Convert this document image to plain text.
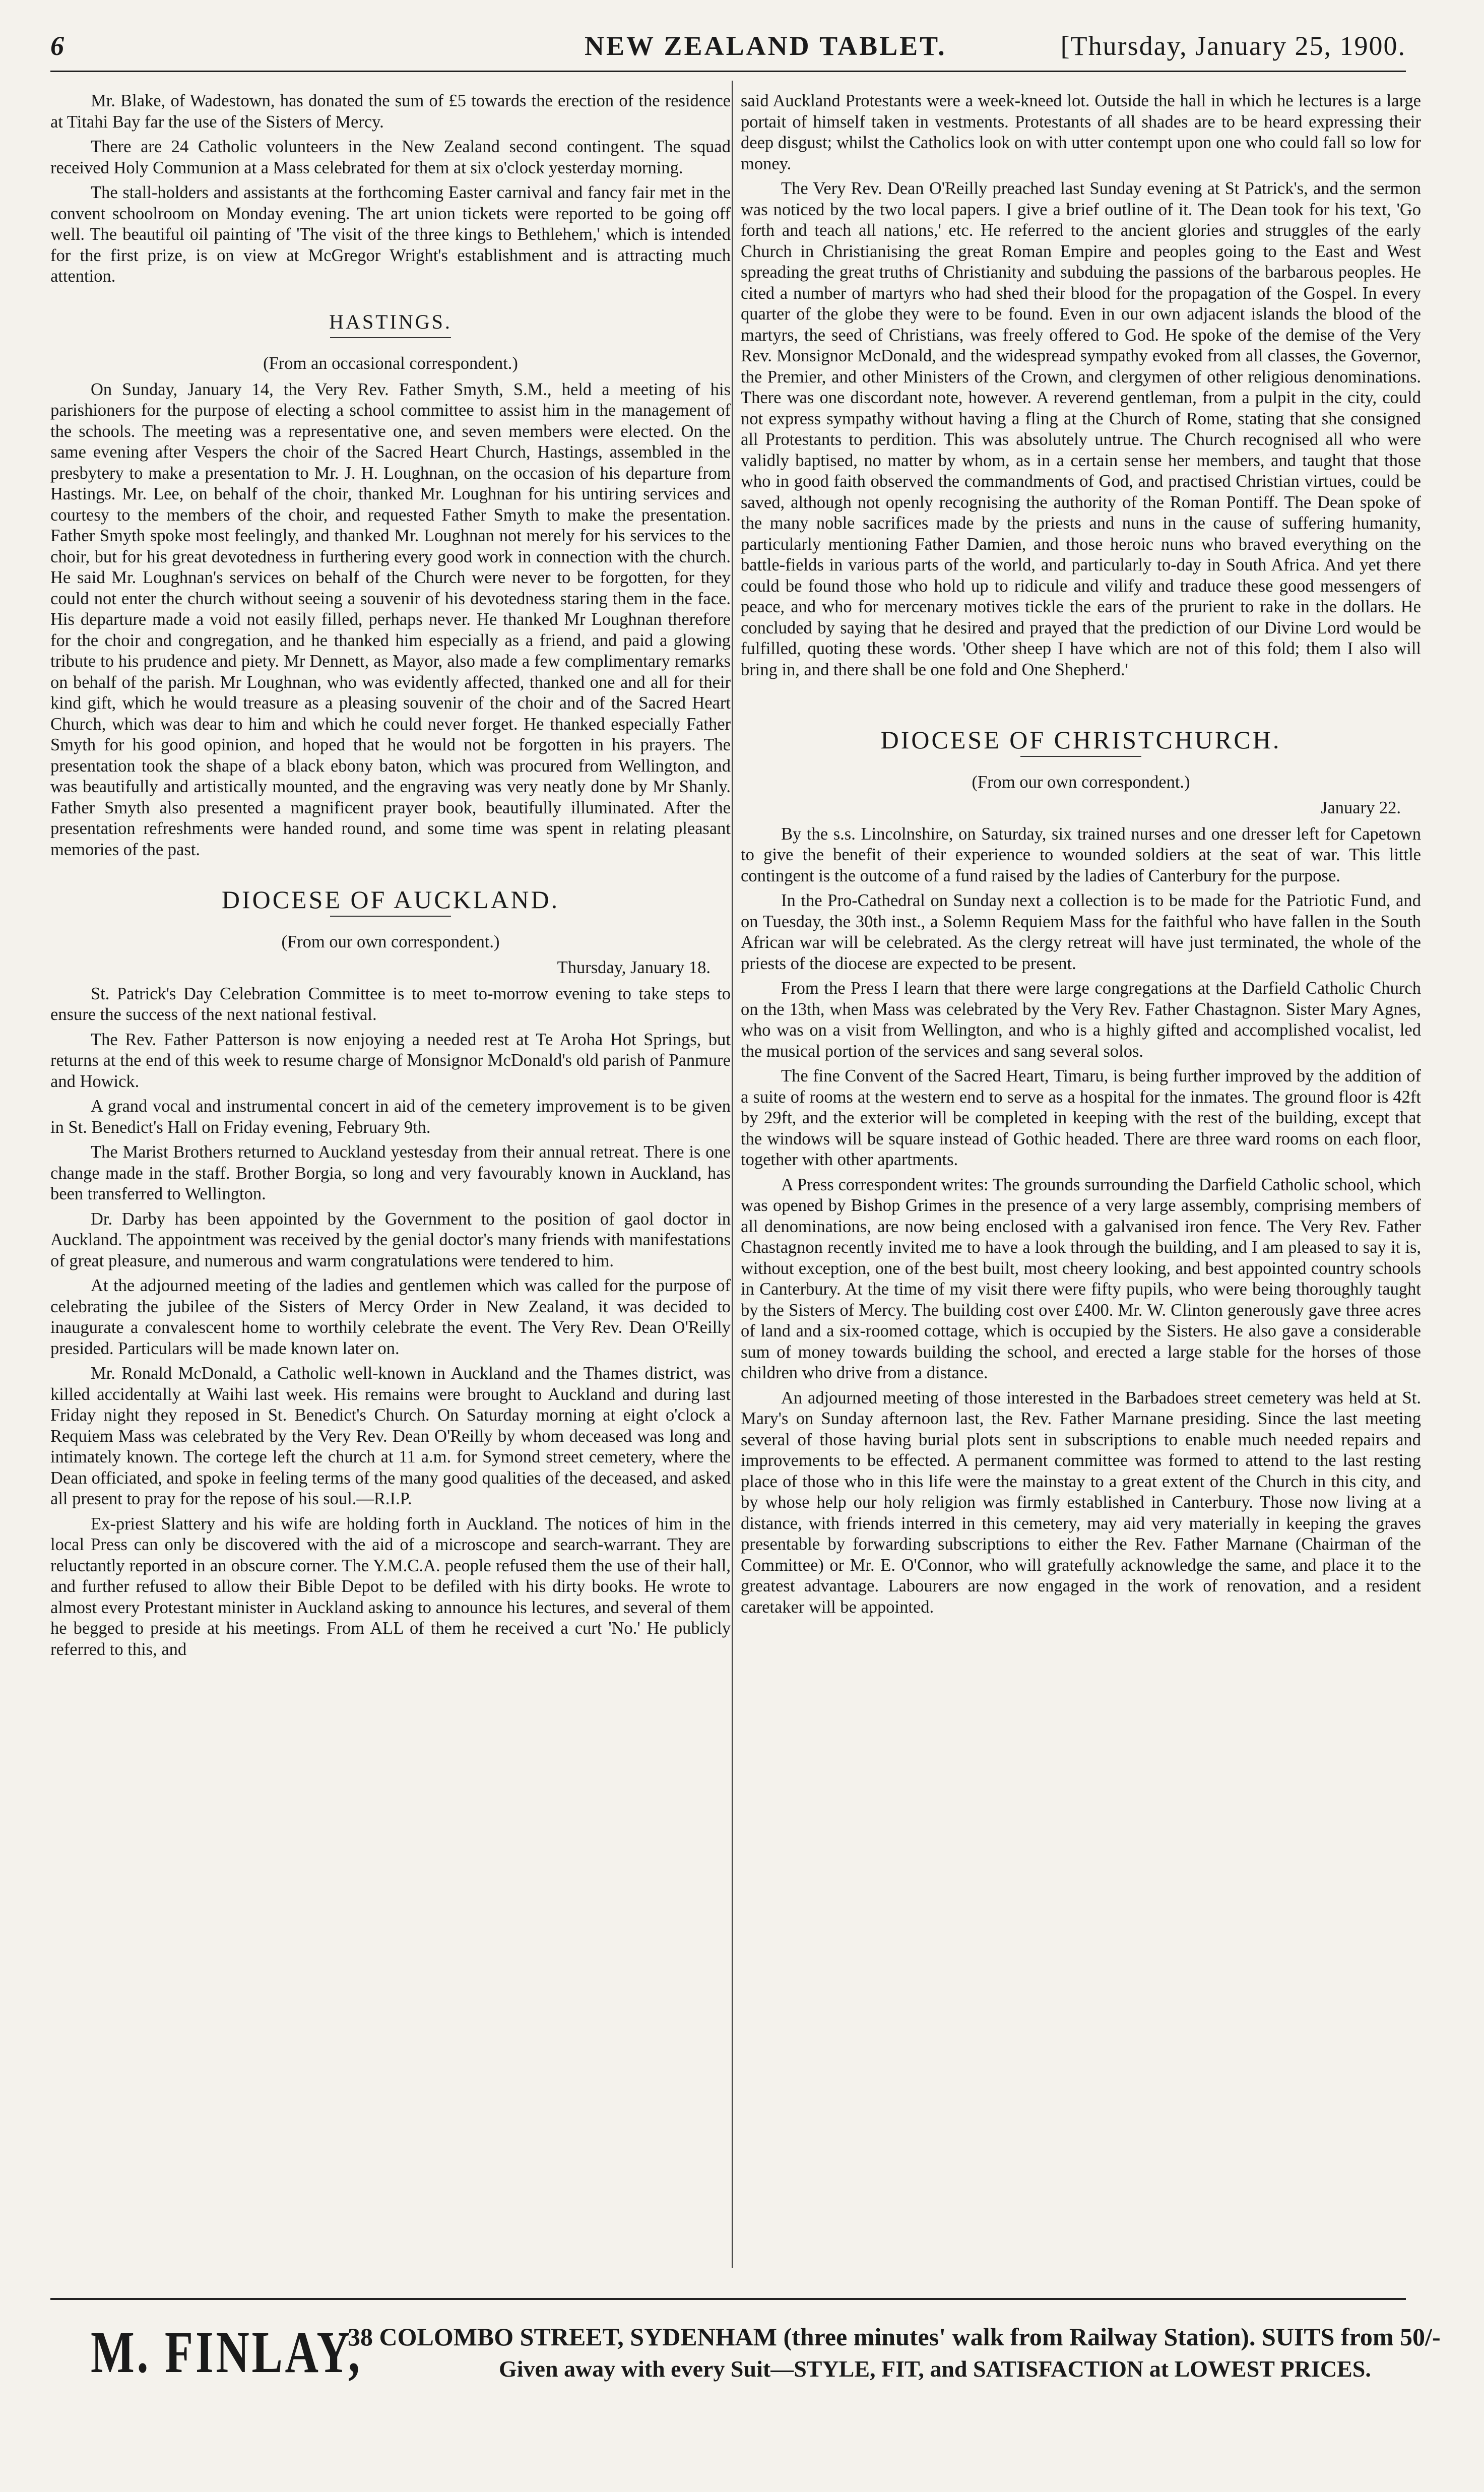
6	NEW ZEALAND TABLET.	[Thursday, January 25, 1900.

Mr. Blake, of Wadestown, has donated the sum of £5 towards the erection of the residence at Titahi Bay far the use of the Sisters of Mercy.

There are 24 Catholic volunteers in the New Zealand second contingent. The squad received Holy Communion at a Mass celebrated for them at six o'clock yesterday morning.

The stall-holders and assistants at the forthcoming Easter carnival and fancy fair met in the convent schoolroom on Monday evening. The art union tickets were reported to be going off well. The beautiful oil painting of 'The visit of the three kings to Bethlehem,' which is intended for the first prize, is on view at McGregor Wright's establishment and is attracting much attention.

HASTINGS.
(From an occasional correspondent.)

On Sunday, January 14, the Very Rev. Father Smyth, S.M., held a meeting of his parishioners for the purpose of electing a school committee to assist him in the management of the schools. The meeting was a representative one, and seven members were elected. On the same evening after Vespers the choir of the Sacred Heart Church, Hastings, assembled in the presbytery to make a presentation to Mr. J. H. Loughnan, on the occasion of his departure from Hastings. Mr. Lee, on behalf of the choir, thanked Mr. Loughnan for his untiring services and courtesy to the members of the choir, and requested Father Smyth to make the presentation. Father Smyth spoke most feelingly, and thanked Mr. Loughnan not merely for his services to the choir, but for his great devotedness in furthering every good work in connection with the church. He said Mr. Loughnan's services on behalf of the Church were never to be forgotten, for they could not enter the church without seeing a souvenir of his devotedness staring them in the face. His departure made a void not easily filled, perhaps never. He thanked Mr Loughnan therefore for the choir and congregation, and he thanked him especially as a friend, and paid a glowing tribute to his prudence and piety. Mr Dennett, as Mayor, also made a few complimentary remarks on behalf of the parish. Mr Loughnan, who was evidently affected, thanked one and all for their kind gift, which he would treasure as a pleasing souvenir of the choir and of the Sacred Heart Church, which was dear to him and which he could never forget. He thanked especially Father Smyth for his good opinion, and hoped that he would not be forgotten in his prayers. The presentation took the shape of a black ebony baton, which was procured from Wellington, and was beautifully and artistically mounted, and the engraving was very neatly done by Mr Shanly. Father Smyth also presented a magnificent prayer book, beautifully illuminated. After the presentation refreshments were handed round, and some time was spent in relating pleasant memories of the past.

DIOCESE OF AUCKLAND.
(From our own correspondent.)
Thursday, January 18.

St. Patrick's Day Celebration Committee is to meet to-morrow evening to take steps to ensure the success of the next national festival.

The Rev. Father Patterson is now enjoying a needed rest at Te Aroha Hot Springs, but returns at the end of this week to resume charge of Monsignor McDonald's old parish of Panmure and Howick.

A grand vocal and instrumental concert in aid of the cemetery improvement is to be given in St. Benedict's Hall on Friday evening, February 9th.

The Marist Brothers returned to Auckland yestesday from their annual retreat. There is one change made in the staff. Brother Borgia, so long and very favourably known in Auckland, has been transferred to Wellington.

Dr. Darby has been appointed by the Government to the position of gaol doctor in Auckland. The appointment was received by the genial doctor's many friends with manifestations of great pleasure, and numerous and warm congratulations were tendered to him.

At the adjourned meeting of the ladies and gentlemen which was called for the purpose of celebrating the jubilee of the Sisters of Mercy Order in New Zealand, it was decided to inaugurate a convalescent home to worthily celebrate the event. The Very Rev. Dean O'Reilly presided. Particulars will be made known later on.

Mr. Ronald McDonald, a Catholic well-known in Auckland and the Thames district, was killed accidentally at Waihi last week. His remains were brought to Auckland and during last Friday night they reposed in St. Benedict's Church. On Saturday morning at eight o'clock a Requiem Mass was celebrated by the Very Rev. Dean O'Reilly by whom deceased was long and intimately known. The cortege left the church at 11 a.m. for Symond street cemetery, where the Dean officiated, and spoke in feeling terms of the many good qualities of the deceased, and asked all present to pray for the repose of his soul.—R.I.P.

Ex-priest Slattery and his wife are holding forth in Auckland. The notices of him in the local Press can only be discovered with the aid of a microscope and search-warrant. They are reluctantly reported in an obscure corner. The Y.M.C.A. people refused them the use of their hall, and further refused to allow their Bible Depot to be defiled with his dirty books. He wrote to almost every Protestant minister in Auckland asking to announce his lectures, and several of them he begged to preside at his meetings. From ALL of them he received a curt 'No.' He publicly referred to this, and

said Auckland Protestants were a week-kneed lot. Outside the hall in which he lectures is a large portait of himself taken in vestments. Protestants of all shades are to be heard expressing their deep disgust; whilst the Catholics look on with utter contempt upon one who could fall so low for money.

The Very Rev. Dean O'Reilly preached last Sunday evening at St Patrick's, and the sermon was noticed by the two local papers. I give a brief outline of it. The Dean took for his text, 'Go forth and teach all nations,' etc. He referred to the ancient glories and struggles of the early Church in Christianising the great Roman Empire and peoples going to the East and West spreading the great truths of Christianity and subduing the passions of the barbarous peoples. He cited a number of martyrs who had shed their blood for the propagation of the Gospel. In every quarter of the globe they were to be found. Even in our own adjacent islands the blood of the martyrs, the seed of Christians, was freely offered to God. He spoke of the demise of the Very Rev. Monsignor McDonald, and the widespread sympathy evoked from all classes, the Governor, the Premier, and other Ministers of the Crown, and clergymen of other religious denominations. There was one discordant note, however. A reverend gentleman, from a pulpit in the city, could not express sympathy without having a fling at the Church of Rome, stating that she consigned all Protestants to perdition. This was absolutely untrue. The Church recognised all who were validly baptised, no matter by whom, as in a certain sense her members, and taught that those who in good faith observed the commandments of God, and practised Christian virtues, could be saved, although not openly recognising the authority of the Roman Pontiff. The Dean spoke of the many noble sacrifices made by the priests and nuns in the cause of suffering humanity, particularly mentioning Father Damien, and those heroic nuns who braved everything on the battle-fields in various parts of the world, and particularly to-day in South Africa. And yet there could be found those who hold up to ridicule and vilify and traduce these good messengers of peace, and who for mercenary motives tickle the ears of the prurient to rake in the dollars. He concluded by saying that he desired and prayed that the prediction of our Divine Lord would be fulfilled, quoting these words. 'Other sheep I have which are not of this fold; them I also will bring in, and there shall be one fold and One Shepherd.'

DIOCESE OF CHRISTCHURCH.
(From our own correspondent.)
January 22.

By the s.s. Lincolnshire, on Saturday, six trained nurses and one dresser left for Capetown to give the benefit of their experience to wounded soldiers at the seat of war. This little contingent is the outcome of a fund raised by the ladies of Canterbury for the purpose.

In the Pro-Cathedral on Sunday next a collection is to be made for the Patriotic Fund, and on Tuesday, the 30th inst., a Solemn Requiem Mass for the faithful who have fallen in the South African war will be celebrated. As the clergy retreat will have just terminated, the whole of the priests of the diocese are expected to be present.

From the Press I learn that there were large congregations at the Darfield Catholic Church on the 13th, when Mass was celebrated by the Very Rev. Father Chastagnon. Sister Mary Agnes, who was on a visit from Wellington, and who is a highly gifted and accomplished vocalist, led the musical portion of the services and sang several solos.

The fine Convent of the Sacred Heart, Timaru, is being further improved by the addition of a suite of rooms at the western end to serve as a hospital for the inmates. The ground floor is 42ft by 29ft, and the exterior will be completed in keeping with the rest of the building, except that the windows will be square instead of Gothic headed. There are three ward rooms on each floor, together with other apartments.

A Press correspondent writes: The grounds surrounding the Darfield Catholic school, which was opened by Bishop Grimes in the presence of a very large assembly, comprising members of all denominations, are now being enclosed with a galvanised iron fence. The Very Rev. Father Chastagnon recently invited me to have a look through the building, and I am pleased to say it is, without exception, one of the best built, most cheery looking, and best appointed country schools in Canterbury. At the time of my visit there were fifty pupils, who were being thoroughly taught by the Sisters of Mercy. The building cost over £400. Mr. W. Clinton generously gave three acres of land and a six-roomed cottage, which is occupied by the Sisters. He also gave a considerable sum of money towards building the school, and erected a large stable for the horses of those children who drive from a distance.

An adjourned meeting of those interested in the Barbadoes street cemetery was held at St. Mary's on Sunday afternoon last, the Rev. Father Marnane presiding. Since the last meeting several of those having burial plots sent in subscriptions to enable much needed repairs and improvements to be effected. A permanent committee was formed to attend to the last resting place of those who in this life were the mainstay to a great extent of the Church in this city, and by whose help our holy religion was firmly established in Canterbury. Those now living at a distance, with friends interred in this cemetery, may aid very materially in keeping the graves presentable by forwarding subscriptions to either the Rev. Father Marnane (Chairman of the Committee) or Mr. E. O'Connor, who will gratefully acknowledge the same, and place it to the greatest advantage. Labourers are now engaged in the work of renovation, and a resident caretaker will be appointed.

M. FINLAY,
38 COLOMBO STREET, SYDENHAM (three minutes' walk from Railway Station). SUITS from 50/-
Given away with every Suit—STYLE, FIT, and SATISFACTION at LOWEST PRICES.
